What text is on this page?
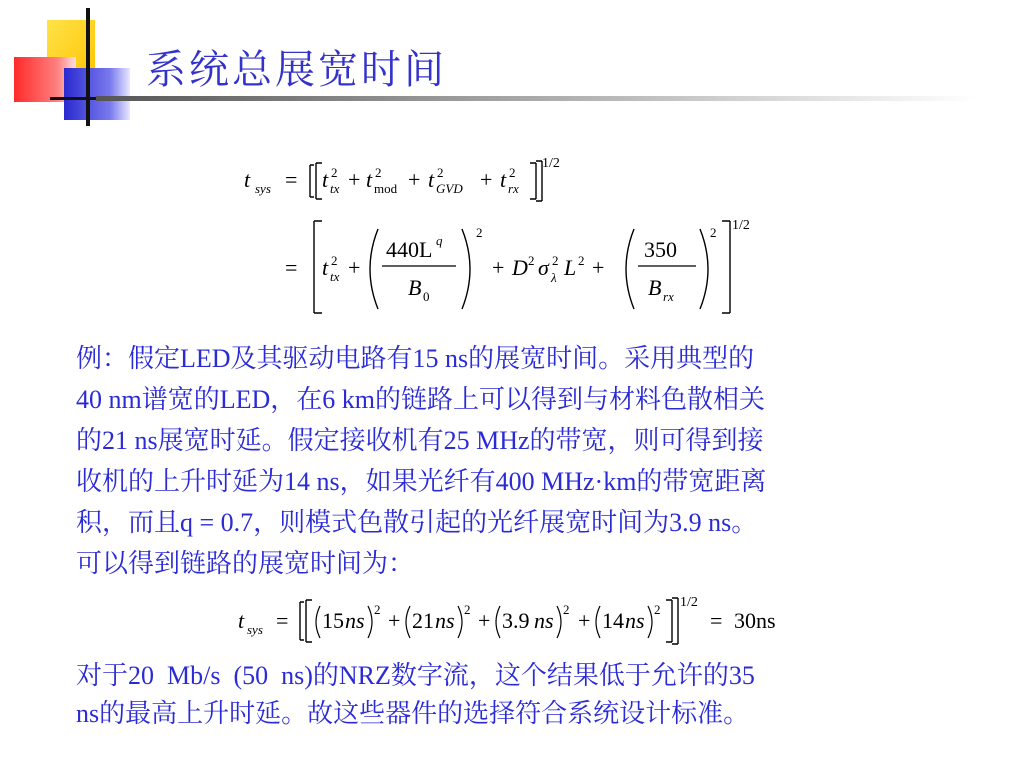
系统总展宽时间
t sys = t 2
tx + t 2
mod + t 2
GVD + t 2
rx
1/2
= t 2
tx +
440L q
B 0
2
+ D 2 σ 2
λ L 2 +
350
B rx
2 1/2
例：假定LED及其驱动电路有15 ns的展宽时间。采用典型的
40 nm谱宽的LED，在6 km的链路上可以得到与材料色散相关
的21 ns展宽时延。假定接收机有25 MHz的带宽，则可得到接
收机的上升时延为14 ns，如果光纤有400 MHz·km的带宽距离
积，而且q = 0.7，则模式色散引起的光纤展宽时间为3.9 ns。
可以得到链路的展宽时间为：
t sys = 15 ns 2 + 21 ns 2 + 3.9 ns 2 + 14 ns 2 1/2
= 30ns
对于20  Mb/s  (50  ns)的NRZ数字流，这个结果低于允许的35
ns的最高上升时延。故这些器件的选择符合系统设计标准。
